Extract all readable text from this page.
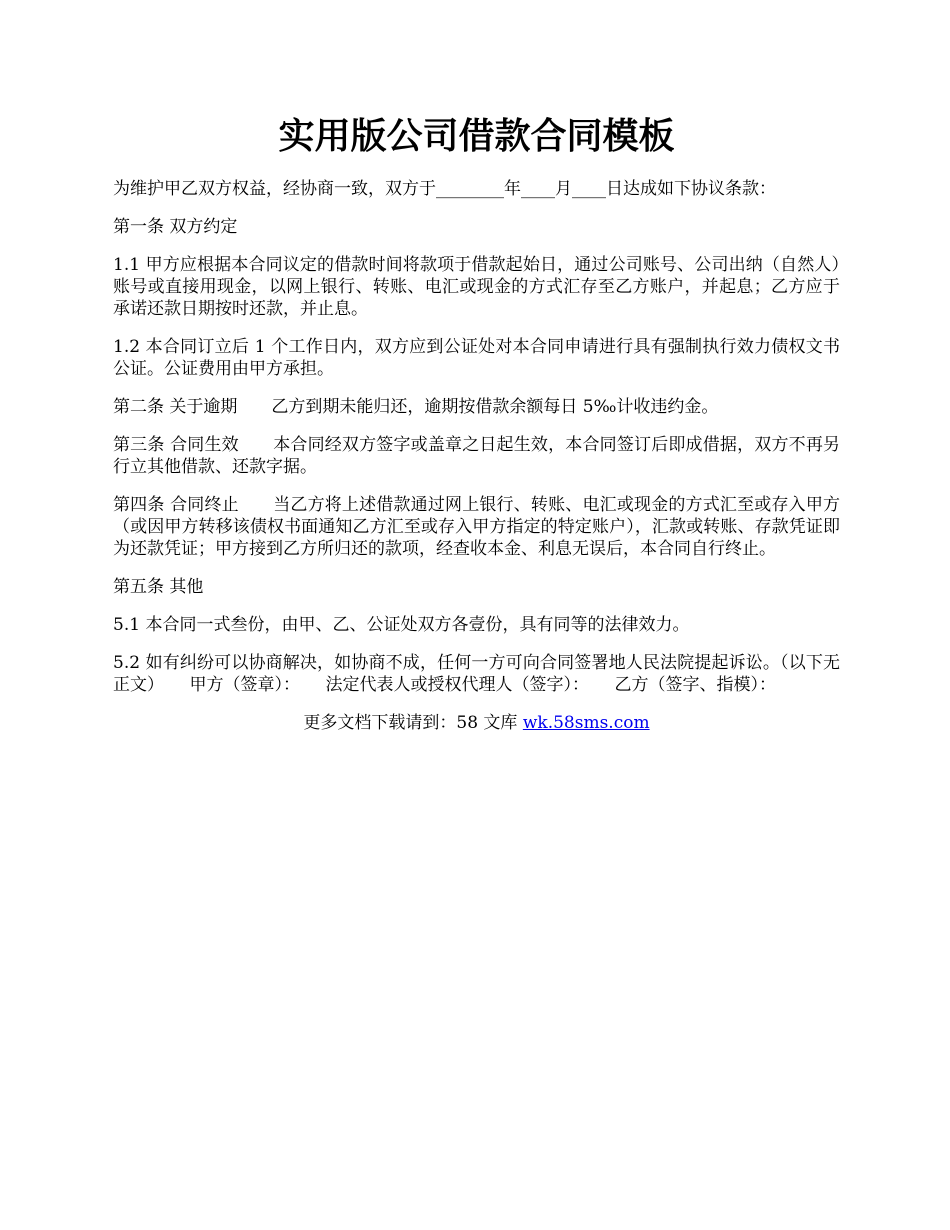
实用版公司借款合同模板

为维护甲乙双方权益，经协商一致，双方于________年____月____日达成如下协议条款：

第一条 双方约定

1.1 甲方应根据本合同议定的借款时间将款项于借款起始日，通过公司账号、公司出纳（自然人）账号或直接用现金，以网上银行、转账、电汇或现金的方式汇存至乙方账户，并起息；乙方应于承诺还款日期按时还款，并止息。

1.2 本合同订立后 1 个工作日内，双方应到公证处对本合同申请进行具有强制执行效力债权文书公证。公证费用由甲方承担。

第二条 关于逾期　　乙方到期未能归还，逾期按借款余额每日 5‰计收违约金。

第三条 合同生效　　本合同经双方签字或盖章之日起生效，本合同签订后即成借据，双方不再另行立其他借款、还款字据。

第四条 合同终止　　当乙方将上述借款通过网上银行、转账、电汇或现金的方式汇至或存入甲方（或因甲方转移该债权书面通知乙方汇至或存入甲方指定的特定账户），汇款或转账、存款凭证即为还款凭证；甲方接到乙方所归还的款项，经查收本金、利息无误后，本合同自行终止。

第五条 其他

5.1 本合同一式叁份，由甲、乙、公证处双方各壹份，具有同等的法律效力。

5.2 如有纠纷可以协商解决，如协商不成，任何一方可向合同签署地人民法院提起诉讼。（以下无正文）　　甲方（签章）：　　法定代表人或授权代理人（签字）：　　乙方（签字、指模）：

更多文档下载请到：58 文库 wk.58sms.com
